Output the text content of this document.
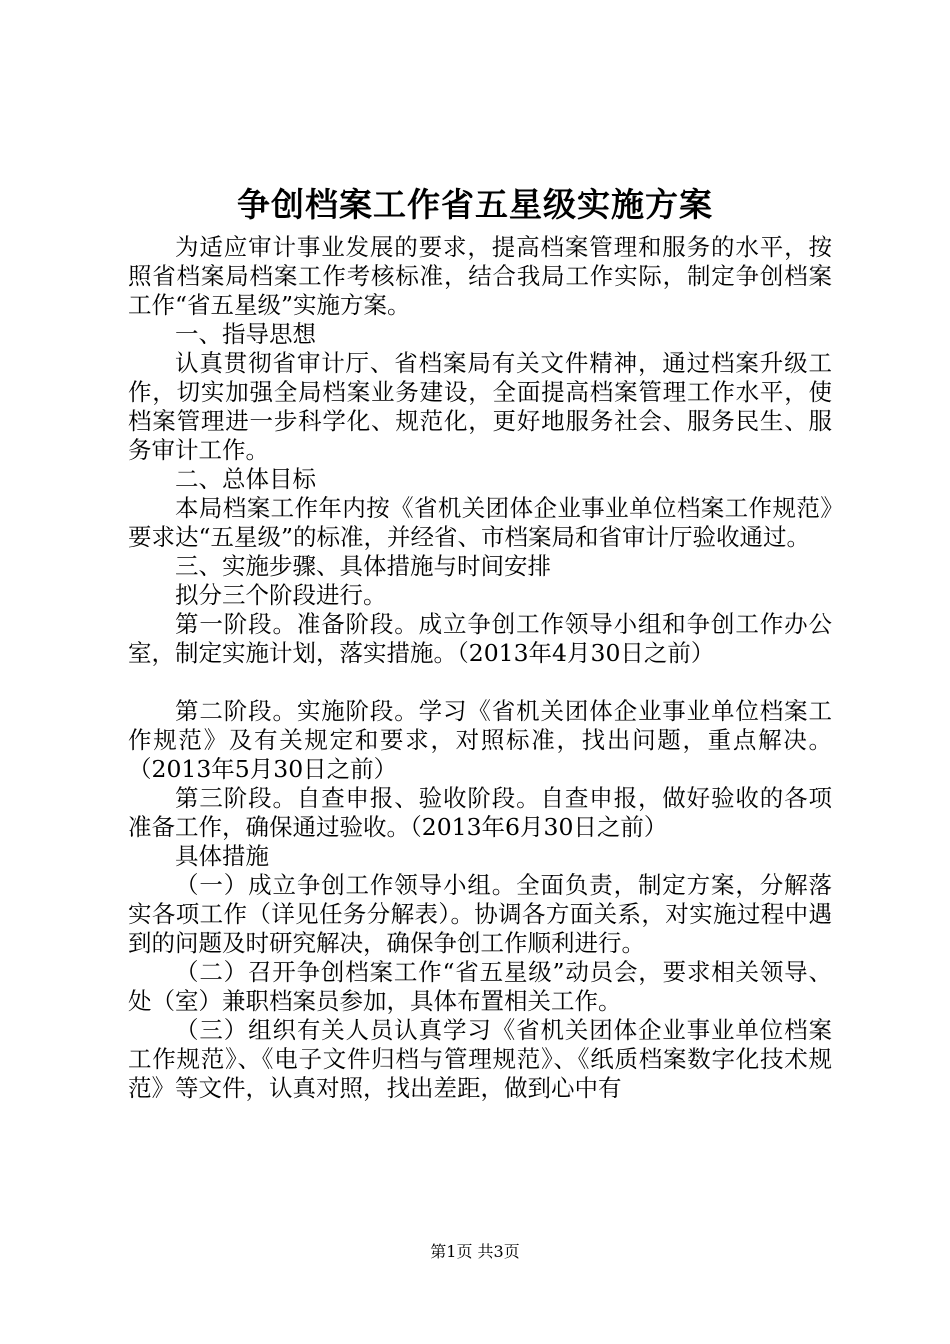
争创档案工作省五星级实施方案

为适应审计事业发展的要求，提高档案管理和服务的水平，按照省档案局档案工作考核标准，结合我局工作实际，制定争创档案工作“省五星级”实施方案。

一、指导思想

认真贯彻省审计厅、省档案局有关文件精神，通过档案升级工作，切实加强全局档案业务建设，全面提高档案管理工作水平，使档案管理进一步科学化、规范化，更好地服务社会、服务民生、服务审计工作。

二、总体目标

本局档案工作年内按《省机关团体企业事业单位档案工作规范》要求达“五星级”的标准，并经省、市档案局和省审计厅验收通过。

三、实施步骤、具体措施与时间安排

拟分三个阶段进行。

第一阶段。准备阶段。成立争创工作领导小组和争创工作办公室，制定实施计划，落实措施。（2013年4月30日之前）

第二阶段。实施阶段。学习《省机关团体企业事业单位档案工作规范》及有关规定和要求，对照标准，找出问题，重点解决。（2013年5月30日之前）

第三阶段。自查申报、验收阶段。自查申报，做好验收的各项准备工作，确保通过验收。（2013年6月30日之前）

具体措施

（一）成立争创工作领导小组。全面负责，制定方案，分解落实各项工作（详见任务分解表）。协调各方面关系，对实施过程中遇到的问题及时研究解决，确保争创工作顺利进行。

（二）召开争创档案工作“省五星级”动员会，要求相关领导、处（室）兼职档案员参加，具体布置相关工作。

（三）组织有关人员认真学习《省机关团体企业事业单位档案工作规范》、《电子文件归档与管理规范》、《纸质档案数字化技术规范》等文件，认真对照，找出差距，做到心中有

第1页 共3页
